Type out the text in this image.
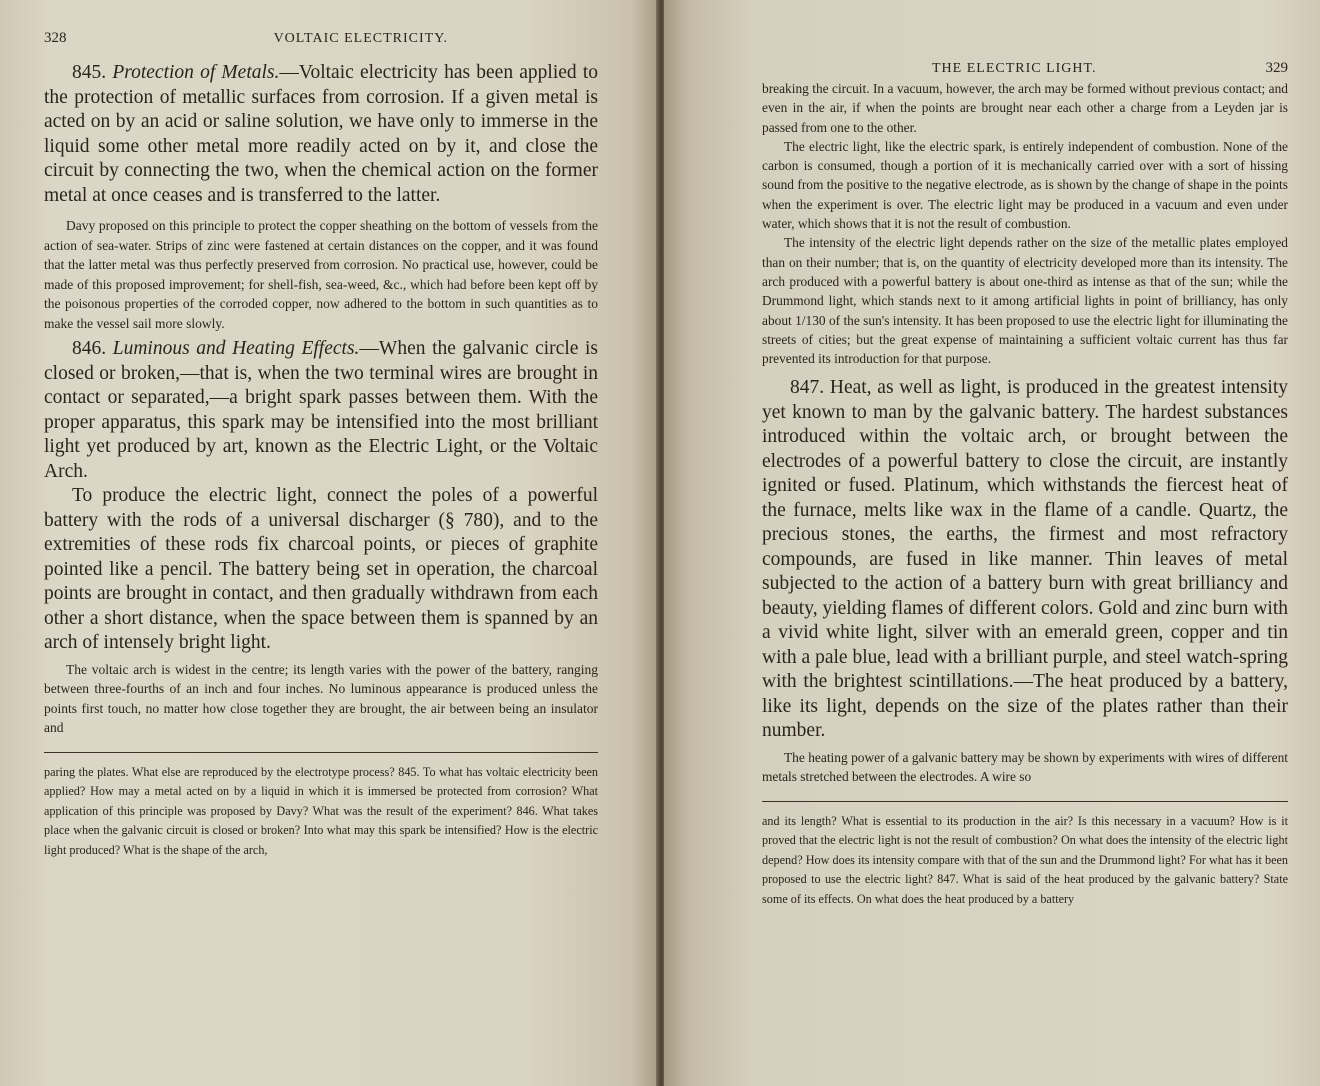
328	VOLTAIC ELECTRICITY.

845. Protection of Metals.—Voltaic electricity has been applied to the protection of metallic surfaces from corrosion. If a given metal is acted on by an acid or saline solution, we have only to immerse in the liquid some other metal more readily acted on by it, and close the circuit by connecting the two, when the chemical action on the former metal at once ceases and is transferred to the latter.

Davy proposed on this principle to protect the copper sheathing on the bottom of vessels from the action of sea-water. Strips of zinc were fastened at certain distances on the copper, and it was found that the latter metal was thus perfectly preserved from corrosion. No practical use, however, could be made of this proposed improvement; for shell-fish, sea-weed, &c., which had before been kept off by the poisonous properties of the corroded copper, now adhered to the bottom in such quantities as to make the vessel sail more slowly.

846. Luminous and Heating Effects.—When the galvanic circle is closed or broken,—that is, when the two terminal wires are brought in contact or separated,—a bright spark passes between them. With the proper apparatus, this spark may be intensified into the most brilliant light yet produced by art, known as the Electric Light, or the Voltaic Arch.

To produce the electric light, connect the poles of a powerful battery with the rods of a universal discharger (§ 780), and to the extremities of these rods fix charcoal points, or pieces of graphite pointed like a pencil. The battery being set in operation, the charcoal points are brought in contact, and then gradually withdrawn from each other a short distance, when the space between them is spanned by an arch of intensely bright light.

The voltaic arch is widest in the centre; its length varies with the power of the battery, ranging between three-fourths of an inch and four inches. No luminous appearance is produced unless the points first touch, no matter how close together they are brought, the air between being an insulator and

paring the plates. What else are reproduced by the electrotype process? 845. To what has voltaic electricity been applied? How may a metal acted on by a liquid in which it is immersed be protected from corrosion? What application of this principle was proposed by Davy? What was the result of the experiment? 846. What takes place when the galvanic circuit is closed or broken? Into what may this spark be intensified? How is the electric light produced? What is the shape of the arch,

THE ELECTRIC LIGHT.	329

breaking the circuit. In a vacuum, however, the arch may be formed without previous contact; and even in the air, if when the points are brought near each other a charge from a Leyden jar is passed from one to the other.

The electric light, like the electric spark, is entirely independent of combustion. None of the carbon is consumed, though a portion of it is mechanically carried over with a sort of hissing sound from the positive to the negative electrode, as is shown by the change of shape in the points when the experiment is over. The electric light may be produced in a vacuum and even under water, which shows that it is not the result of combustion.

The intensity of the electric light depends rather on the size of the metallic plates employed than on their number; that is, on the quantity of electricity developed more than its intensity. The arch produced with a powerful battery is about one-third as intense as that of the sun; while the Drummond light, which stands next to it among artificial lights in point of brilliancy, has only about 1/130 of the sun's intensity. It has been proposed to use the electric light for illuminating the streets of cities; but the great expense of maintaining a sufficient voltaic current has thus far prevented its introduction for that purpose.

847. Heat, as well as light, is produced in the greatest intensity yet known to man by the galvanic battery. The hardest substances introduced within the voltaic arch, or brought between the electrodes of a powerful battery to close the circuit, are instantly ignited or fused. Platinum, which withstands the fiercest heat of the furnace, melts like wax in the flame of a candle. Quartz, the precious stones, the earths, the firmest and most refractory compounds, are fused in like manner. Thin leaves of metal subjected to the action of a battery burn with great brilliancy and beauty, yielding flames of different colors. Gold and zinc burn with a vivid white light, silver with an emerald green, copper and tin with a pale blue, lead with a brilliant purple, and steel watch-spring with the brightest scintillations.—The heat produced by a battery, like its light, depends on the size of the plates rather than their number.

The heating power of a galvanic battery may be shown by experiments with wires of different metals stretched between the electrodes. A wire so

and its length? What is essential to its production in the air? Is this necessary in a vacuum? How is it proved that the electric light is not the result of combustion? On what does the intensity of the electric light depend? How does its intensity compare with that of the sun and the Drummond light? For what has it been proposed to use the electric light? 847. What is said of the heat produced by the galvanic battery? State some of its effects. On what does the heat produced by a battery
